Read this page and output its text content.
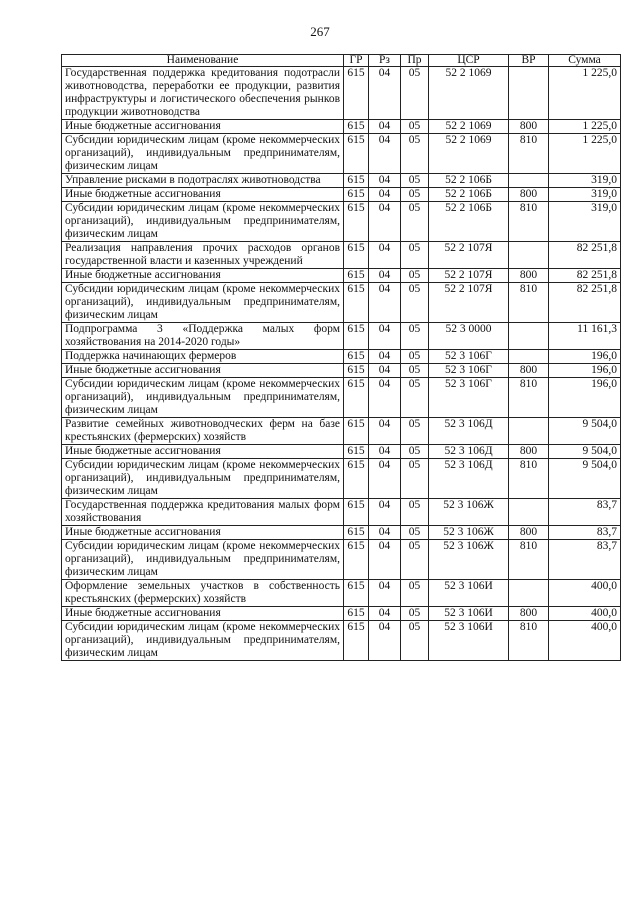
267
Наименование	ГР	Рз	Пр	ЦСР	ВР	Сумма
Государственная поддержка кредитования подотрасли животноводства, переработки ее продукции, развития инфраструктуры и логистического обеспечения рынков продукции животноводства	615	04	05	52 2 1069		1 225,0
Иные бюджетные ассигнования	615	04	05	52 2 1069	800	1 225,0
Субсидии юридическим лицам (кроме некоммерческих организаций), индивидуальным предпринимателям, физическим лицам	615	04	05	52 2 1069	810	1 225,0
Управление рисками в подотраслях животноводства	615	04	05	52 2 106Б		319,0
Иные бюджетные ассигнования	615	04	05	52 2 106Б	800	319,0
Субсидии юридическим лицам (кроме некоммерческих организаций), индивидуальным предпринимателям, физическим лицам	615	04	05	52 2 106Б	810	319,0
Реализация направления прочих расходов органов государственной власти и казенных учреждений	615	04	05	52 2 107Я		82 251,8
Иные бюджетные ассигнования	615	04	05	52 2 107Я	800	82 251,8
Субсидии юридическим лицам (кроме некоммерческих организаций), индивидуальным предпринимателям, физическим лицам	615	04	05	52 2 107Я	810	82 251,8
Подпрограмма 3 «Поддержка малых форм хозяйствования на 2014-2020 годы»	615	04	05	52 3 0000		11 161,3
Поддержка начинающих фермеров	615	04	05	52 3 106Г		196,0
Иные бюджетные ассигнования	615	04	05	52 3 106Г	800	196,0
Субсидии юридическим лицам (кроме некоммерческих организаций), индивидуальным предпринимателям, физическим лицам	615	04	05	52 3 106Г	810	196,0
Развитие семейных животноводческих ферм на базе крестьянских (фермерских) хозяйств	615	04	05	52 3 106Д		9 504,0
Иные бюджетные ассигнования	615	04	05	52 3 106Д	800	9 504,0
Субсидии юридическим лицам (кроме некоммерческих организаций), индивидуальным предпринимателям, физическим лицам	615	04	05	52 3 106Д	810	9 504,0
Государственная поддержка кредитования малых форм хозяйствования	615	04	05	52 3 106Ж		83,7
Иные бюджетные ассигнования	615	04	05	52 3 106Ж	800	83,7
Субсидии юридическим лицам (кроме некоммерческих организаций), индивидуальным предпринимателям, физическим лицам	615	04	05	52 3 106Ж	810	83,7
Оформление земельных участков в собственность крестьянских (фермерских) хозяйств	615	04	05	52 3 106И		400,0
Иные бюджетные ассигнования	615	04	05	52 3 106И	800	400,0
Субсидии юридическим лицам (кроме некоммерческих организаций), индивидуальным предпринимателям, физическим лицам	615	04	05	52 3 106И	810	400,0
